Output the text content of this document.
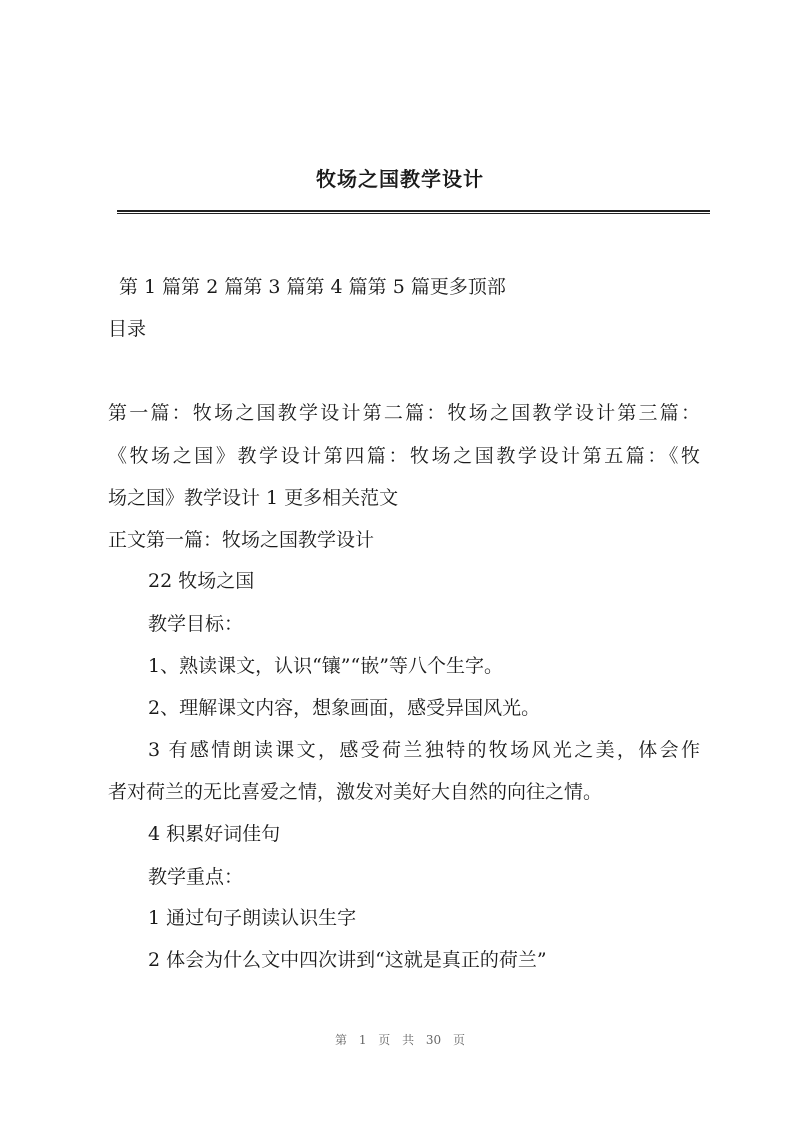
牧场之国教学设计
第 1 篇第 2 篇第 3 篇第 4 篇第 5 篇更多顶部
目录
第一篇：牧场之国教学设计第二篇：牧场之国教学设计第三篇：
《牧场之国》教学设计第四篇：牧场之国教学设计第五篇：《牧
场之国》教学设计 1 更多相关范文
正文第一篇：牧场之国教学设计
22 牧场之国
教学目标：
1、熟读课文，认识“镶”“嵌”等八个生字。
2、理解课文内容，想象画面，感受异国风光。
3 有感情朗读课文，感受荷兰独特的牧场风光之美，体会作
者对荷兰的无比喜爱之情，激发对美好大自然的向往之情。
4 积累好词佳句
教学重点：
1 通过句子朗读认识生字
2 体会为什么文中四次讲到“这就是真正的荷兰”
第 1 页 共 30 页
